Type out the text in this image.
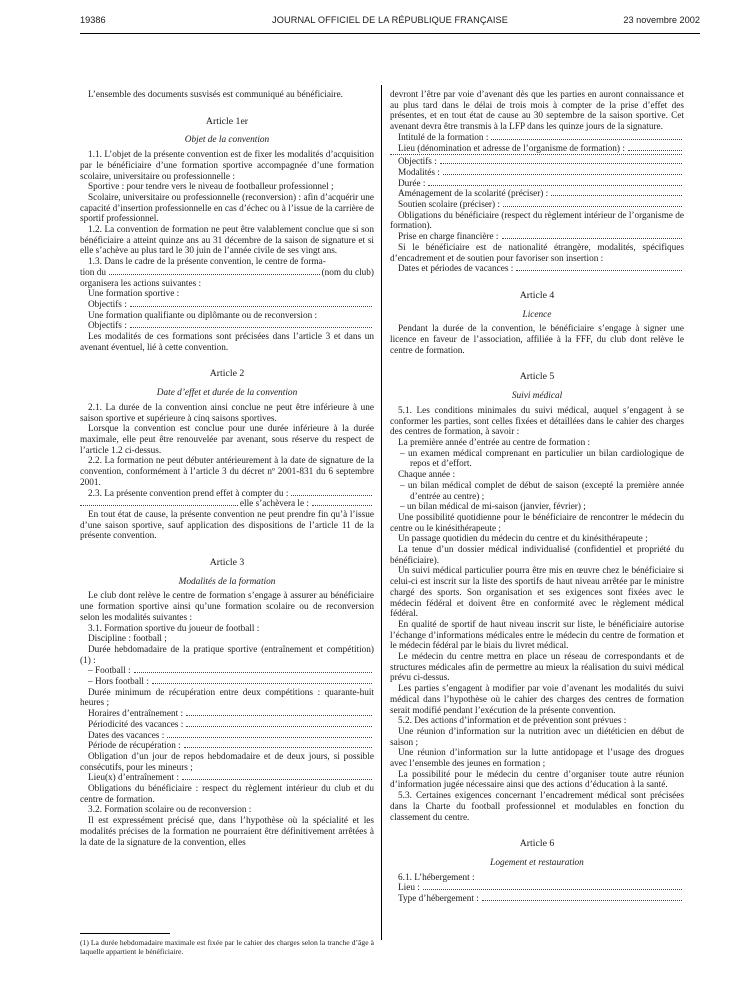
19386	JOURNAL OFFICIEL DE LA RÉPUBLIQUE FRANÇAISE	23 novembre 2002

L’ensemble des documents susvisés est communiqué au bénéficiaire.

Article 1er

Objet de la convention

1.1. L’objet de la présente convention est de fixer les modalités d’acquisition par le bénéficiaire d’une formation sportive accompagnée d’une formation scolaire, universitaire ou professionnelle :

Sportive : pour tendre vers le niveau de footballeur professionnel ;

Scolaire, universitaire ou professionnelle (reconversion) : afin d’acquérir une capacité d’insertion professionnelle en cas d’échec ou à l’issue de la carrière de sportif professionnel.

1.2. La convention de formation ne peut être valablement conclue que si son bénéficiaire a atteint quinze ans au 31 décembre de la saison de signature et si elle s’achève au plus tard le 30 juin de l’année civile de ses vingt ans.

1.3. Dans le cadre de la présente convention, le centre de forma-

tion du	(nom du club)

organisera les actions suivantes :

Une formation sportive :

Objectifs :

Une formation qualifiante ou diplômante ou de reconversion :

Objectifs :

Les modalités de ces formations sont précisées dans l’article 3 et dans un avenant éventuel, lié à cette convention.

Article 2

Date d’effet et durée de la convention

2.1. La durée de la convention ainsi conclue ne peut être inférieure à une saison sportive et supérieure à cinq saisons sportives.

Lorsque la convention est conclue pour une durée inférieure à la durée maximale, elle peut être renouvelée par avenant, sous réserve du respect de l’article 1.2 ci-dessus.

2.2. La formation ne peut débuter antérieurement à la date de signature de la convention, conformément à l’article 3 du décret nº 2001-831 du 6 septembre 2001.

2.3. La présente convention prend effet à compter du :
elle s’achèvera le :

En tout état de cause, la présente convention ne peut prendre fin qu’à l’issue d’une saison sportive, sauf application des dispositions de l’article 11 de la présente convention.

Article 3

Modalités de la formation

Le club dont relève le centre de formation s’engage à assurer au bénéficiaire une formation sportive ainsi qu’une formation scolaire ou de reconversion selon les modalités suivantes :

3.1. Formation sportive du joueur de football :

Discipline : football ;

Durée hebdomadaire de la pratique sportive (entraînement et compétition) (1) :

– Football :
– Hors football :

Durée minimum de récupération entre deux compétitions : quarante-huit heures ;

Horaires d’entraînement :
Périodicité des vacances :
Dates des vacances :
Période de récupération :

Obligation d’un jour de repos hebdomadaire et de deux jours, si possible consécutifs, pour les mineurs ;

Lieu(x) d’entraînement :

Obligations du bénéficiaire : respect du règlement intérieur du club et du centre de formation.

3.2. Formation scolaire ou de reconversion :

Il est expressément précisé que, dans l’hypothèse où la spécialité et les modalités précises de la formation ne pourraient être définitivement arrêtées à la date de la signature de la convention, elles

(1) La durée hebdomadaire maximale est fixée par le cahier des charges selon la tranche d’âge à laquelle appartient le bénéficiaire.

devront l’être par voie d’avenant dès que les parties en auront connaissance et au plus tard dans le délai de trois mois à compter de la prise d’effet des présentes, et en tout état de cause au 30 septembre de la saison sportive. Cet avenant devra être transmis à la LFP dans les quinze jours de la signature.

Intitulé de la formation :
Lieu (dénomination et adresse de l’organisme de formation) :
Objectifs :
Modalités :
Durée :
Aménagement de la scolarité (préciser) :
Soutien scolaire (préciser) :

Obligations du bénéficiaire (respect du règlement intérieur de l’organisme de formation).

Prise en charge financière :

Si le bénéficiaire est de nationalité étrangère, modalités, spécifiques d’encadrement et de soutien pour favoriser son insertion :

Dates et périodes de vacances :

Article 4

Licence

Pendant la durée de la convention, le bénéficiaire s’engage à signer une licence en faveur de l’association, affiliée à la FFF, du club dont relève le centre de formation.

Article 5

Suivi médical

5.1. Les conditions minimales du suivi médical, auquel s’engagent à se conformer les parties, sont celles fixées et détaillées dans le cahier des charges des centres de formation, à savoir :

La première année d’entrée au centre de formation :

– un examen médical comprenant en particulier un bilan cardiologique de repos et d’effort.

Chaque année :

– un bilan médical complet de début de saison (excepté la première année d’entrée au centre) ;

– un bilan médical de mi-saison (janvier, février) ;

Une possibilité quotidienne pour le bénéficiaire de rencontrer le médecin du centre ou le kinésithérapeute ;

Un passage quotidien du médecin du centre et du kinésithérapeute ;

La tenue d’un dossier médical individualisé (confidentiel et propriété du bénéficiaire).

Un suivi médical particulier pourra être mis en œuvre chez le bénéficiaire si celui-ci est inscrit sur la liste des sportifs de haut niveau arrêtée par le ministre chargé des sports. Son organisation et ses exigences sont fixées avec le médecin fédéral et doivent être en conformité avec le règlement médical fédéral.

En qualité de sportif de haut niveau inscrit sur liste, le bénéficiaire autorise l’échange d’informations médicales entre le médecin du centre de formation et le médecin fédéral par le biais du livret médical.

Le médecin du centre mettra en place un réseau de correspondants et de structures médicales afin de permettre au mieux la réalisation du suivi médical prévu ci-dessus.

Les parties s’engagent à modifier par voie d’avenant les modalités du suivi médical dans l’hypothèse où le cahier des charges des centres de formation serait modifié pendant l’exécution de la présente convention.

5.2. Des actions d’information et de prévention sont prévues :

Une réunion d’information sur la nutrition avec un diététicien en début de saison ;

Une réunion d’information sur la lutte antidopage et l’usage des drogues avec l’ensemble des jeunes en formation ;

La possibilité pour le médecin du centre d’organiser toute autre réunion d’information jugée nécessaire ainsi que des actions d’éducation à la santé.

5.3. Certaines exigences concernant l’encadrement médical sont précisées dans la Charte du football professionnel et modulables en fonction du classement du centre.

Article 6

Logement et restauration

6.1. L’hébergement :

Lieu :
Type d’hébergement :
